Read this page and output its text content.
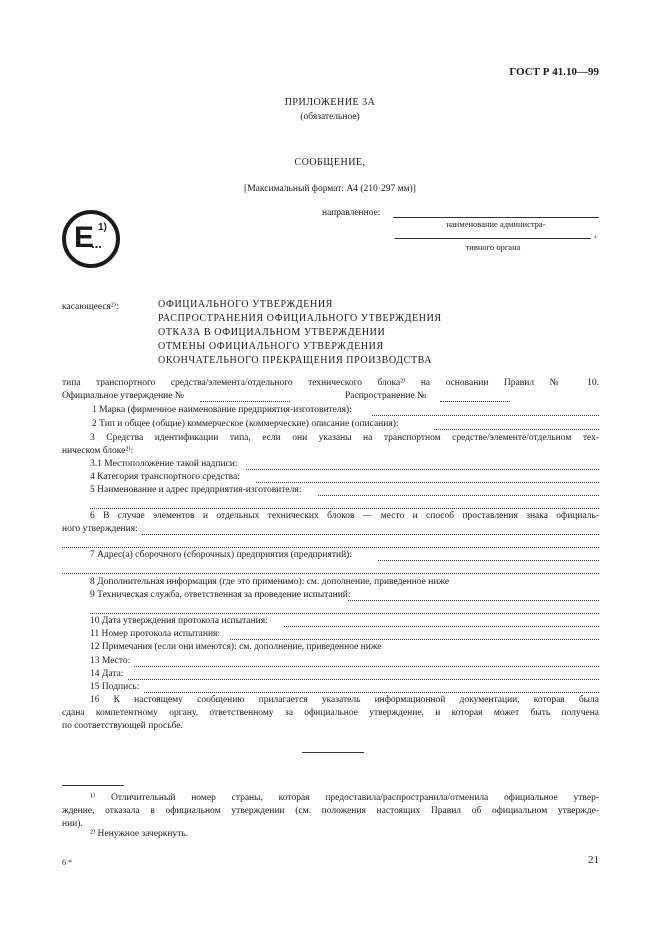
ГОСТ Р 41.10—99
ПРИЛОЖЕНИЕ 3А
(обязательное)
СООБЩЕНИЕ,
[Максимальный формат: А4 (210·297 мм)]
E
...
1)
направленное:
наименование администра-
,
тивного органа
касающееся²⁾:	ОФИЦИАЛЬНОГО УТВЕРЖДЕНИЯ
РАСПРОСТРАНЕНИЯ ОФИЦИАЛЬНОГО УТВЕРЖДЕНИЯ
ОТКАЗА В ОФИЦИАЛЬНОМ УТВЕРЖДЕНИИ
ОТМЕНЫ ОФИЦИАЛЬНОГО УТВЕРЖДЕНИЯ
ОКОНЧАТЕЛЬНОГО ПРЕКРАЩЕНИЯ ПРОИЗВОДСТВА
типа транспортного средства/элемента/отдельного технического блока²⁾ на основании Правил № 10.
Официальное утверждение №	Распространение №
1 Марка (фирменное наименование предприятия-изготовителя):
2 Тип и общее (общие) коммерческое (коммерческие) описание (описания):
3 Средства идентификации типа, если они указаны на транспортном средстве/элементе/отдельном тех-
ническом блоке²⁾:
3.1 Местоположение такой надписи:
4 Категория транспортного средства:
5 Наименование и адрес предприятия-изготовителя:
6 В случае элементов и отдельных технических блоков — место и способ проставления знака официаль-
ного утверждения:
7 Адрес(а) сборочного (сборочных) предприятия (предприятий):
8 Дополнительная информация (где это применимо): см. дополнение, приведенное ниже
9 Техническая служба, ответственная за проведение испытаний:
10 Дата утверждения протокола испытания:
11 Номер протокола испытания:
12 Примечания (если они имеются): см. дополнение, приведенное ниже
13 Место:
14 Дата:
15 Подпись:
16 К настоящему сообщению прилагается указатель информационной документации, которая была
сдана компетентному органу, ответственному за официальное утверждение, и которая может быть получена
по соответствующей просьбе.
¹⁾ Отличительный номер страны, которая предоставила/распространила/отменила официальное утвер-
ждение, отказала в официальном утверждении (см. положения настоящих Правил об официальном утвержде-
нии).
²⁾ Ненужное зачеркнуть.
6 *	21
